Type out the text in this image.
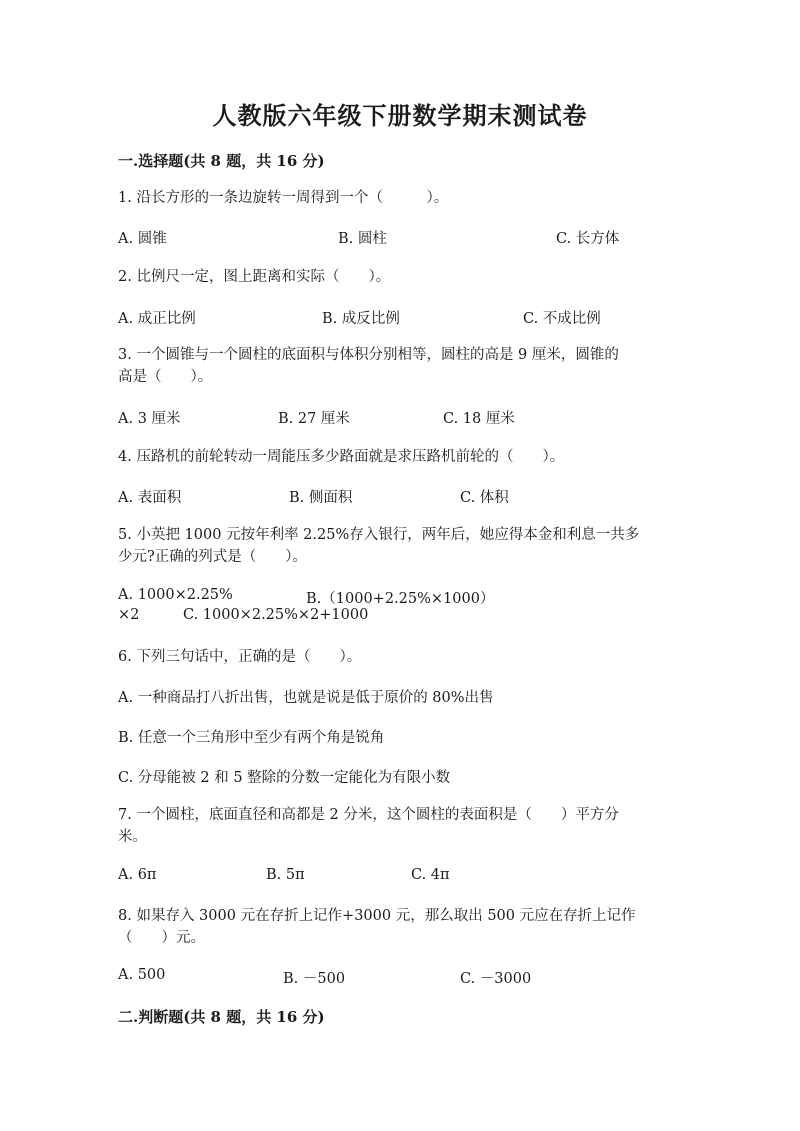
人教版六年级下册数学期末测试卷
一.选择题(共 8 题，共 16 分)
1. 沿长方形的一条边旋转一周得到一个（　　　）。
A. 圆锥	B. 圆柱	C. 长方体
2. 比例尺一定，图上距离和实际（　　）。
A. 成正比例	B. 成反比例	C. 不成比例
3. 一个圆锥与一个圆柱的底面积与体积分别相等，圆柱的高是 9 厘米，圆锥的
高是（　　）。
A. 3 厘米	B. 27 厘米	C. 18 厘米
4. 压路机的前轮转动一周能压多少路面就是求压路机前轮的（　　）。
A. 表面积	B. 侧面积	C. 体积
5. 小英把 1000 元按年利率 2.25%存入银行，两年后，她应得本金和利息一共多
少元?正确的列式是（　　）。
A. 1000×2.25%	B.（1000+2.25%×1000）
×2	C. 1000×2.25%×2+1000
6. 下列三句话中，正确的是（　　）。
A. 一种商品打八折出售，也就是说是低于原价的 80%出售
B. 任意一个三角形中至少有两个角是锐角
C. 分母能被 2 和 5 整除的分数一定能化为有限小数
7. 一个圆柱，底面直径和高都是 2 分米，这个圆柱的表面积是（　　）平方分
米。
A. 6π	B. 5π	C. 4π
8. 如果存入 3000 元在存折上记作+3000 元，那么取出 500 元应在存折上记作
（　　）元。
A. 500	B. －500	C. －3000
二.判断题(共 8 题，共 16 分)
